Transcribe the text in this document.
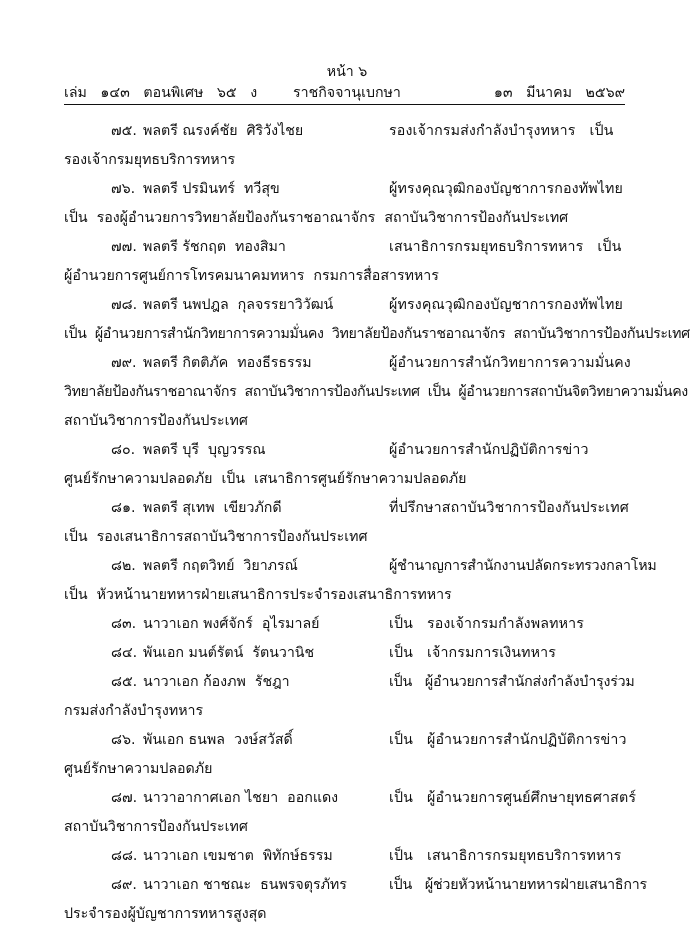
หน้า ๖
เล่ม   ๑๔๓   ตอนพิเศษ   ๖๕   ง	ราชกิจจานุเบกษา	๑๓   มีนาคม   ๒๕๖๙
๗๕. พลตรี ณรงค์ชัย  ศิริวังไชย	รองเจ้ากรมส่งกำลังบำรุงทหาร   เป็น
รองเจ้ากรมยุทธบริการทหาร
๗๖. พลตรี ปรมินทร์  ทวีสุข	ผู้ทรงคุณวุฒิกองบัญชาการกองทัพไทย
เป็น  รองผู้อำนวยการวิทยาลัยป้องกันราชอาณาจักร  สถาบันวิชาการป้องกันประเทศ
๗๗. พลตรี รัชกฤต  ทองสิมา	เสนาธิการกรมยุทธบริการทหาร   เป็น
ผู้อำนวยการศูนย์การโทรคมนาคมทหาร  กรมการสื่อสารทหาร
๗๘. พลตรี นพปฎล  กุลจรรยาวิวัฒน์	ผู้ทรงคุณวุฒิกองบัญชาการกองทัพไทย
เป็น  ผู้อำนวยการสำนักวิทยาการความมั่นคง  วิทยาลัยป้องกันราชอาณาจักร  สถาบันวิชาการป้องกันประเทศ
๗๙. พลตรี กิตติภัค  ทองธีรธรรม	ผู้อำนวยการสำนักวิทยาการความมั่นคง
วิทยาลัยป้องกันราชอาณาจักร  สถาบันวิชาการป้องกันประเทศ  เป็น  ผู้อำนวยการสถาบันจิตวิทยาความมั่นคง
สถาบันวิชาการป้องกันประเทศ
๘๐. พลตรี บุรี  บุญวรรณ	ผู้อำนวยการสำนักปฏิบัติการข่าว
ศูนย์รักษาความปลอดภัย  เป็น  เสนาธิการศูนย์รักษาความปลอดภัย
๘๑. พลตรี สุเทพ  เขียวภักดี	ที่ปรึกษาสถาบันวิชาการป้องกันประเทศ
เป็น  รองเสนาธิการสถาบันวิชาการป้องกันประเทศ
๘๒. พลตรี กฤตวิทย์  วิยาภรณ์	ผู้ชำนาญการสำนักงานปลัดกระทรวงกลาโหม
เป็น  หัวหน้านายทหารฝ่ายเสนาธิการประจำรองเสนาธิการทหาร
๘๓. นาวาเอก พงศ์จักร์  อุไรมาลย์	เป็น   รองเจ้ากรมกำลังพลทหาร
๘๔. พันเอก มนต์รัตน์  รัตนวานิช	เป็น   เจ้ากรมการเงินทหาร
๘๕. นาวาเอก ก้องภพ  รัชฎา	เป็น   ผู้อำนวยการสำนักส่งกำลังบำรุงร่วม
กรมส่งกำลังบำรุงทหาร
๘๖. พันเอก ธนพล  วงษ์สวัสดิ์	เป็น   ผู้อำนวยการสำนักปฏิบัติการข่าว
ศูนย์รักษาความปลอดภัย
๘๗. นาวาอากาศเอก ไชยา  ออกแดง	เป็น   ผู้อำนวยการศูนย์ศึกษายุทธศาสตร์
สถาบันวิชาการป้องกันประเทศ
๘๘. นาวาเอก เขมชาต  พิทักษ์ธรรม	เป็น   เสนาธิการกรมยุทธบริการทหาร
๘๙. นาวาเอก ชาชณะ  ธนพรจตุรภัทร	เป็น   ผู้ช่วยหัวหน้านายทหารฝ่ายเสนาธิการ
ประจำรองผู้บัญชาการทหารสูงสุด
